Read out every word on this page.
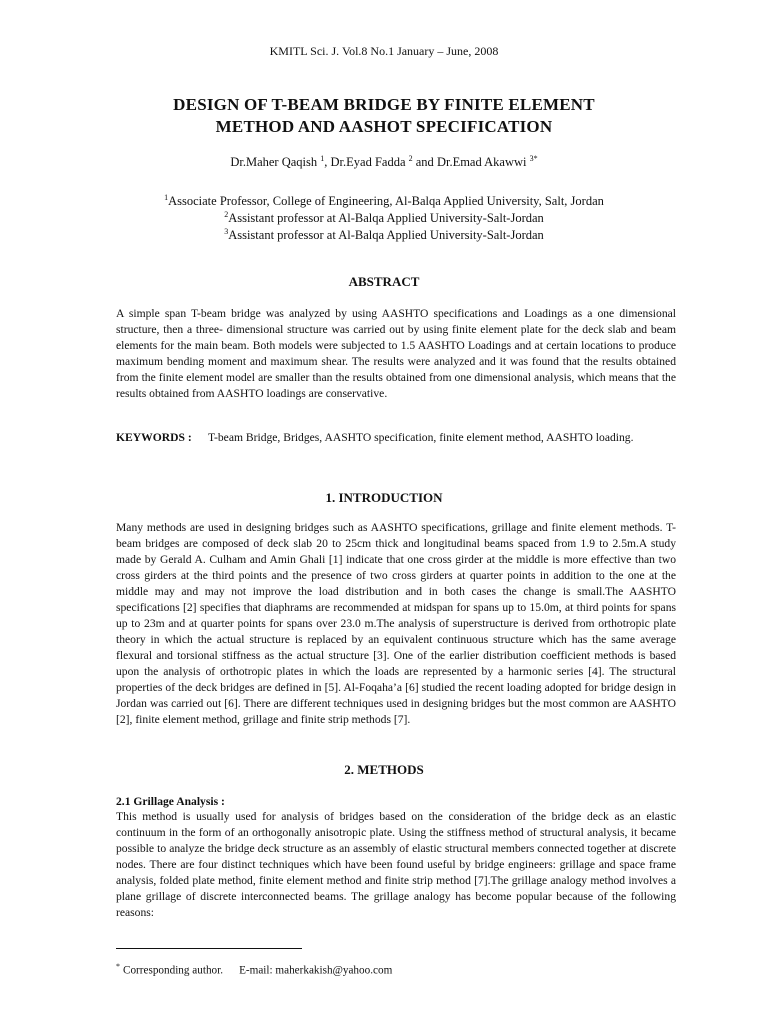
KMITL Sci. J. Vol.8 No.1 January – June, 2008
DESIGN OF T-BEAM BRIDGE BY FINITE ELEMENT
METHOD AND AASHOT SPECIFICATION
Dr.Maher Qaqish $^1$, Dr.Eyad Fadda $^2$ and Dr.Emad Akawwi $^{3*}$
$^1$Associate Professor, College of Engineering, Al-Balqa Applied University, Salt, Jordan
$^2$Assistant professor at Al-Balqa Applied University-Salt-Jordan
$^3$Assistant professor at Al-Balqa Applied University-Salt-Jordan
ABSTRACT
A simple span T-beam bridge was analyzed by using AASHTO specifications and Loadings as a one dimensional structure, then a three- dimensional structure was carried out by using finite element plate for the deck slab and beam elements for the main beam. Both models were subjected to 1.5 AASHTO Loadings and at certain locations to produce maximum bending moment and maximum shear. The results were analyzed and it was found that the results obtained from the finite element model are smaller than the results obtained from one dimensional analysis, which means that the results obtained from AASHTO loadings are conservative.
KEYWORDS : T-beam Bridge, Bridges, AASHTO specification, finite element method, AASHTO loading.
1. INTRODUCTION
Many methods are used in designing bridges such as AASHTO specifications, grillage and finite element methods. T-beam bridges are composed of deck slab 20 to 25cm thick and longitudinal beams spaced from 1.9 to 2.5m.A study made by Gerald A. Culham and Amin Ghali [1] indicate that one cross girder at the middle is more effective than two cross girders at the third points and the presence of two cross girders at quarter points in addition to the one at the middle may and may not improve the load distribution and in both cases the change is small.The AASHTO specifications [2] specifies that diaphrams are recommended at midspan for spans up to 15.0m, at third points for spans up to 23m and at quarter points for spans over 23.0 m.The analysis of superstructure is derived from orthotropic plate theory in which the actual structure is replaced by an equivalent continuous structure which has the same average flexural and torsional stiffness as the actual structure [3]. One of the earlier distribution coefficient methods is based upon the analysis of orthotropic plates in which the loads are represented by a harmonic series [4]. The structural properties of the deck bridges are defined in [5]. Al-Foqaha’a [6] studied the recent loading adopted for bridge design in Jordan was carried out [6]. There are different techniques used in designing bridges but the most common are AASHTO [2], finite element method, grillage and finite strip methods [7].
2. METHODS
2.1 Grillage Analysis :
This method is usually used for analysis of bridges based on the consideration of the bridge deck as an elastic continuum in the form of an orthogonally anisotropic plate. Using the stiffness method of structural analysis, it became possible to analyze the bridge deck structure as an assembly of elastic structural members connected together at discrete nodes. There are four distinct techniques which have been found useful by bridge engineers: grillage and space frame analysis, folded plate method, finite element method and finite strip method [7].The grillage analogy method involves a plane grillage of discrete interconnected beams. The grillage analogy has become popular because of the following reasons:
* Corresponding author. E-mail: maherkakish@yahoo.com
